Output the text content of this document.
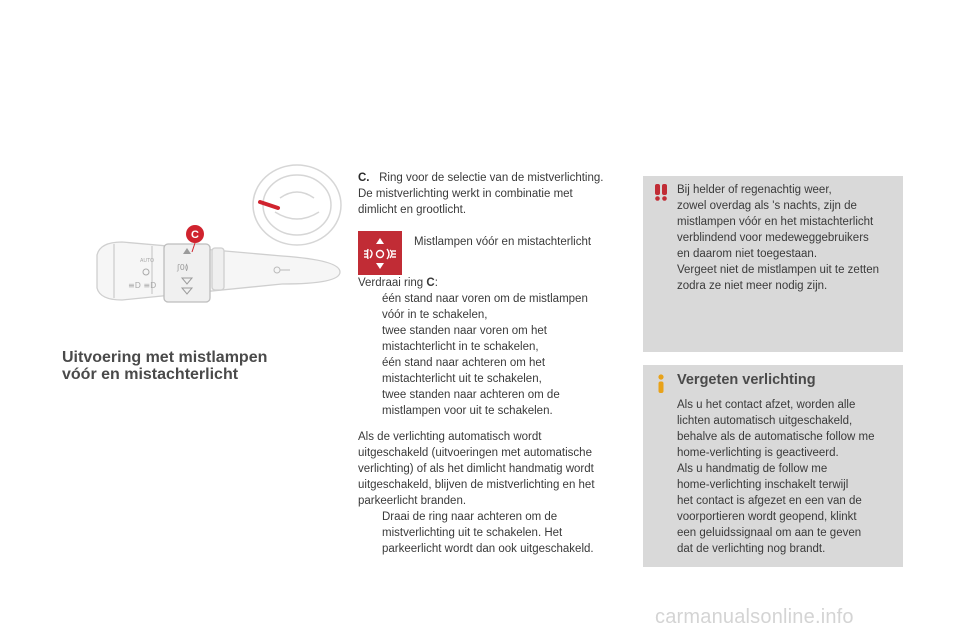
ʃ0≬
AUTO
≡D ≡D
C
Uitvoering met mistlampen
vóór en mistachterlicht

C. Ring voor de selectie van de mistverlichting.

De mistverlichting werkt in combinatie met

dimlicht en grootlicht.

Mistlampen vóór en mistachterlicht

Verdraai ring C:

één stand naar voren om de mistlampen
vóór in te schakelen,
twee standen naar voren om het
mistachterlicht in te schakelen,
één stand naar achteren om het
mistachterlicht uit te schakelen,
twee standen naar achteren om de
mistlampen voor uit te schakelen.

Als de verlichting automatisch wordt

uitgeschakeld (uitvoeringen met automatische

verlichting) of als het dimlicht handmatig wordt

uitgeschakeld, blijven de mistverlichting en het

parkeerlicht branden.

Draai de ring naar achteren om de
mistverlichting uit te schakelen. Het
parkeerlicht wordt dan ook uitgeschakeld.

Bij helder of regenachtig weer,

zowel overdag als 's nachts, zijn de

mistlampen vóór en het mistachterlicht

verblindend voor medeweggebruikers

en daarom niet toegestaan.

Vergeet niet de mistlampen uit te zetten

zodra ze niet meer nodig zijn.

Vergeten verlichting

Als u het contact afzet, worden alle

lichten automatisch uitgeschakeld,

behalve als de automatische follow me

home-verlichting is geactiveerd.

Als u handmatig de follow me

home-verlichting inschakelt terwijl

het contact is afgezet en een van de

voorportieren wordt geopend, klinkt

een geluidssignaal om aan te geven

dat de verlichting nog brandt.

carmanualsonline.info
